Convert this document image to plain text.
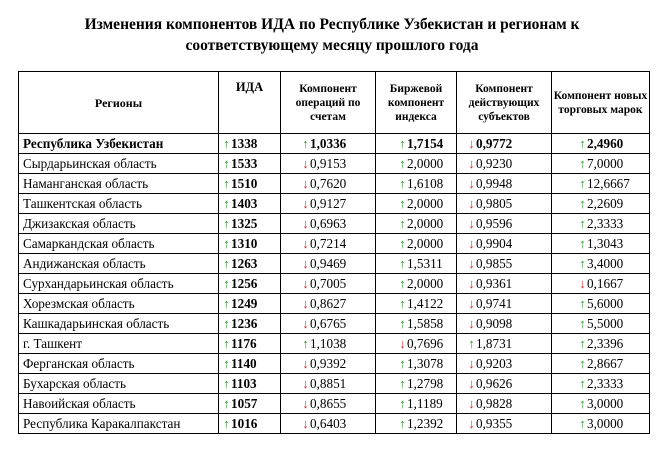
Изменения компонентов ИДА по Республике Узбекистан и регионам к
соответствующему месяцу прошлого года
Регионы	ИДА	Компонент операций по счетам	Биржевой компонент индекса	Компонент действующих субъектов	Компонент новых торговых марок
Республика Узбекистан	↑1338	↑1,0336	↑1,7154	↓0,9772	↑2,4960
Сырдарьинская область	↑1533	↓0,9153	↑2,0000	↓0,9230	↑7,0000
Наманганская область	↑1510	↓0,7620	↑1,6108	↓0,9948	↑12,6667
Ташкентская область	↑1403	↓0,9127	↑2,0000	↓0,9805	↑2,2609
Джизакская область	↑1325	↓0,6963	↑2,0000	↓0,9596	↑2,3333
Самаркандская область	↑1310	↓0,7214	↑2,0000	↓0,9904	↑1,3043
Андижанская область	↑1263	↓0,9469	↑1,5311	↓0,9855	↑3,4000
Сурхандарьинская область	↑1256	↓0,7005	↑2,0000	↓0,9361	↓0,1667
Хорезмская область	↑1249	↓0,8627	↑1,4122	↓0,9741	↑5,6000
Кашкадарьинская область	↑1236	↓0,6765	↑1,5858	↓0,9098	↑5,5000
г. Ташкент	↑1176	↑1,1038	↓0,7696	↑1,8731	↑2,3396
Ферганская область	↑1140	↓0,9392	↑1,3078	↓0,9203	↑2,8667
Бухарская область	↑1103	↓0,8851	↑1,2798	↓0,9626	↑2,3333
Навоийская область	↑1057	↓0,8655	↑1,1189	↓0,9828	↑3,0000
Республика Каракалпакстан	↑1016	↓0,6403	↑1,2392	↓0,9355	↑3,0000
